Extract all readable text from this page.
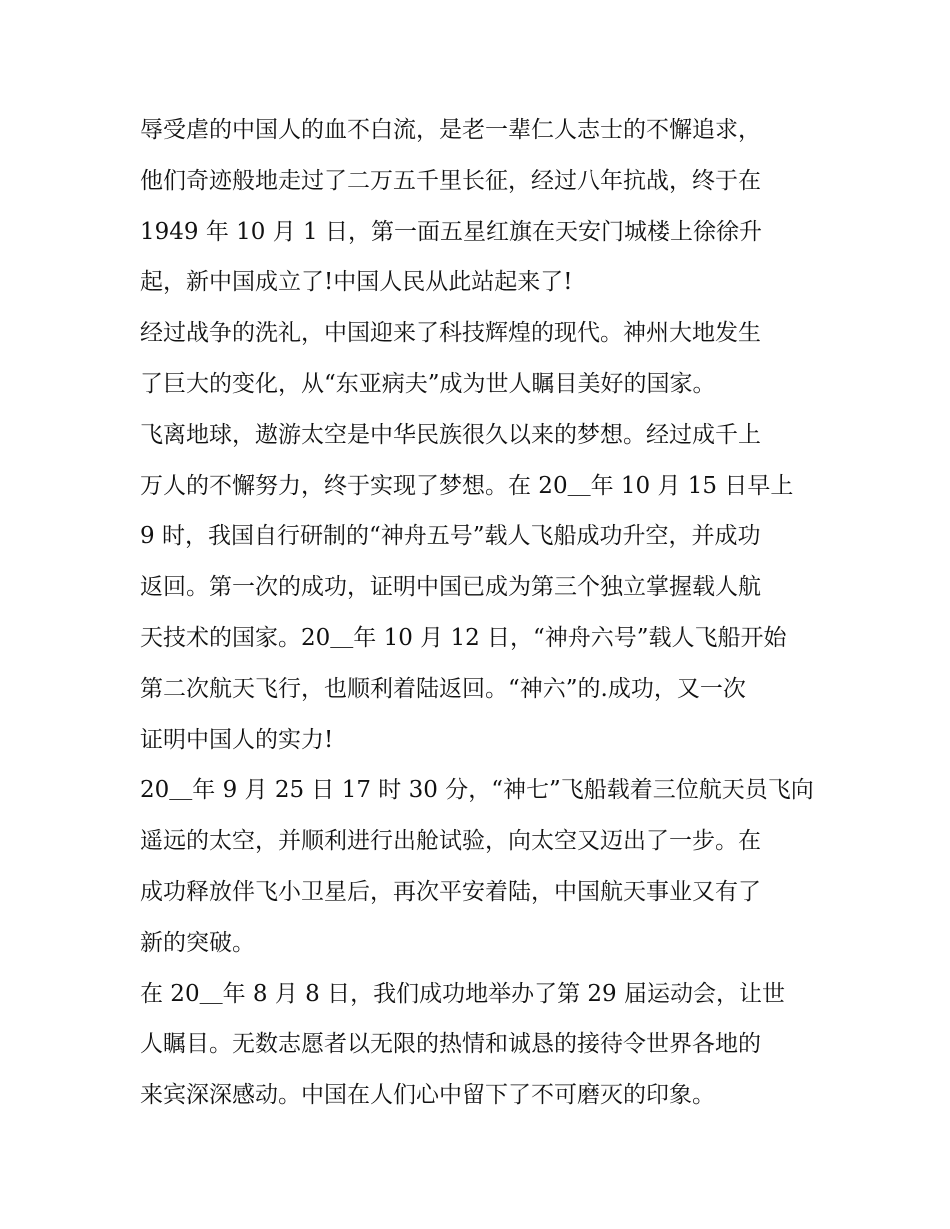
辱受虐的中国人的血不白流，是老一辈仁人志士的不懈追求，
他们奇迹般地走过了二万五千里长征，经过八年抗战，终于在
1949 年 10 月 1 日，第一面五星红旗在天安门城楼上徐徐升
起，新中国成立了!中国人民从此站起来了!
经过战争的洗礼，中国迎来了科技辉煌的现代。神州大地发生
了巨大的变化，从“东亚病夫”成为世人瞩目美好的国家。
飞离地球，遨游太空是中华民族很久以来的梦想。经过成千上
万人的不懈努力，终于实现了梦想。在 20＿年 10 月 15 日早上
9 时，我国自行研制的“神舟五号”载人飞船成功升空，并成功
返回。第一次的成功，证明中国已成为第三个独立掌握载人航
天技术的国家。20＿年 10 月 12 日，“神舟六号”载人飞船开始
第二次航天飞行，也顺利着陆返回。“神六”的.成功，又一次
证明中国人的实力!
20＿年 9 月 25 日 17 时 30 分，“神七”飞船载着三位航天员飞向
遥远的太空，并顺利进行出舱试验，向太空又迈出了一步。在
成功释放伴飞小卫星后，再次平安着陆，中国航天事业又有了
新的突破。
在 20＿年 8 月 8 日，我们成功地举办了第 29 届运动会，让世
人瞩目。无数志愿者以无限的热情和诚恳的接待令世界各地的
来宾深深感动。中国在人们心中留下了不可磨灭的印象。
